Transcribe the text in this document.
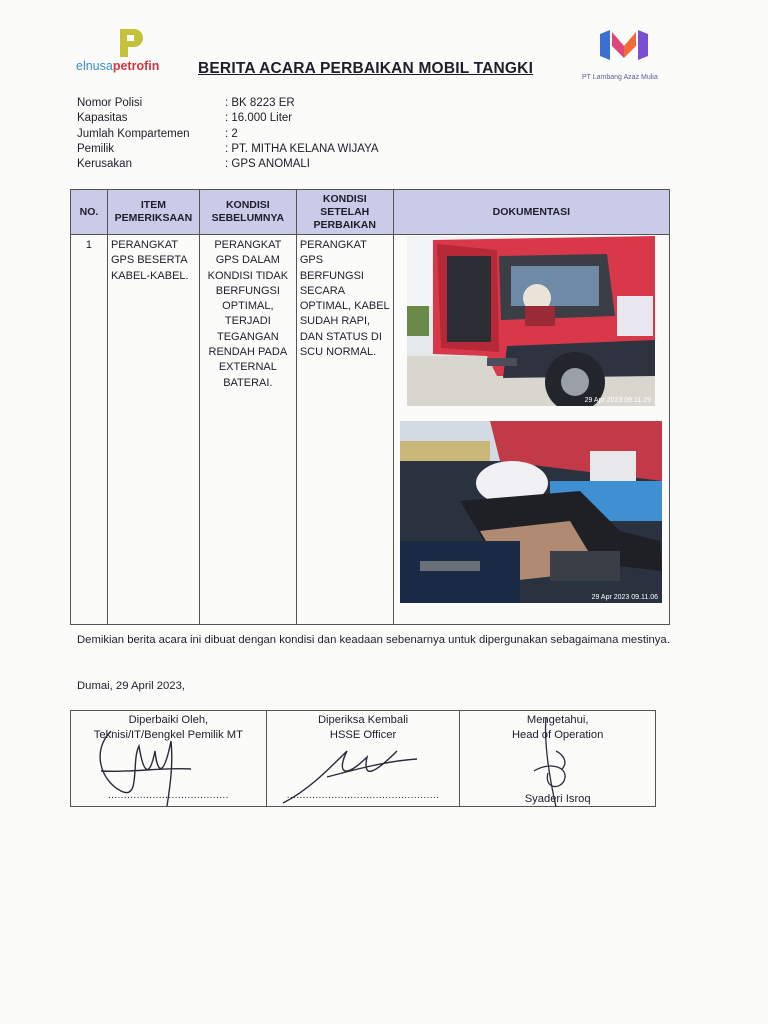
elnusapetrofin
PT Lambang Azaz Mulia
BERITA ACARA PERBAIKAN MOBIL TANGKI
Nomor Polisi	: BK 8223 ER
Kapasitas	: 16.000 Liter
Jumlah Kompartemen	: 2
Pemilik	: PT. MITHA KELANA WIJAYA
Kerusakan	: GPS ANOMALI
NO.	ITEM PEMERIKSAAN	KONDISI SEBELUMNYA	KONDISI SETELAH PERBAIKAN	DOKUMENTASI
1	PERANGKAT GPS BESERTA KABEL-KABEL.	PERANGKAT GPS DALAM KONDISI TIDAK BERFUNGSI OPTIMAL, TERJADI TEGANGAN RENDAH PADA EXTERNAL BATERAI.	PERANGKAT GPS BERFUNGSI SECARA OPTIMAL, KABEL SUDAH RAPI, DAN STATUS DI SCU NORMAL.	
29 Apr 2023 09.11.29
29 Apr 2023 09.11.06
Demikian berita acara ini dibuat dengan kondisi dan keadaan sebenarnya untuk dipergunakan sebagaimana mestinya.
Dumai, 29 April 2023,
Diperbaiki Oleh,
Teknisi/IT/Bengkel Pemilik MT
......................................

Diperiksa Kembali
HSSE Officer
................................................

Mengetahui,
Head of Operation
Syaderi Isroq
